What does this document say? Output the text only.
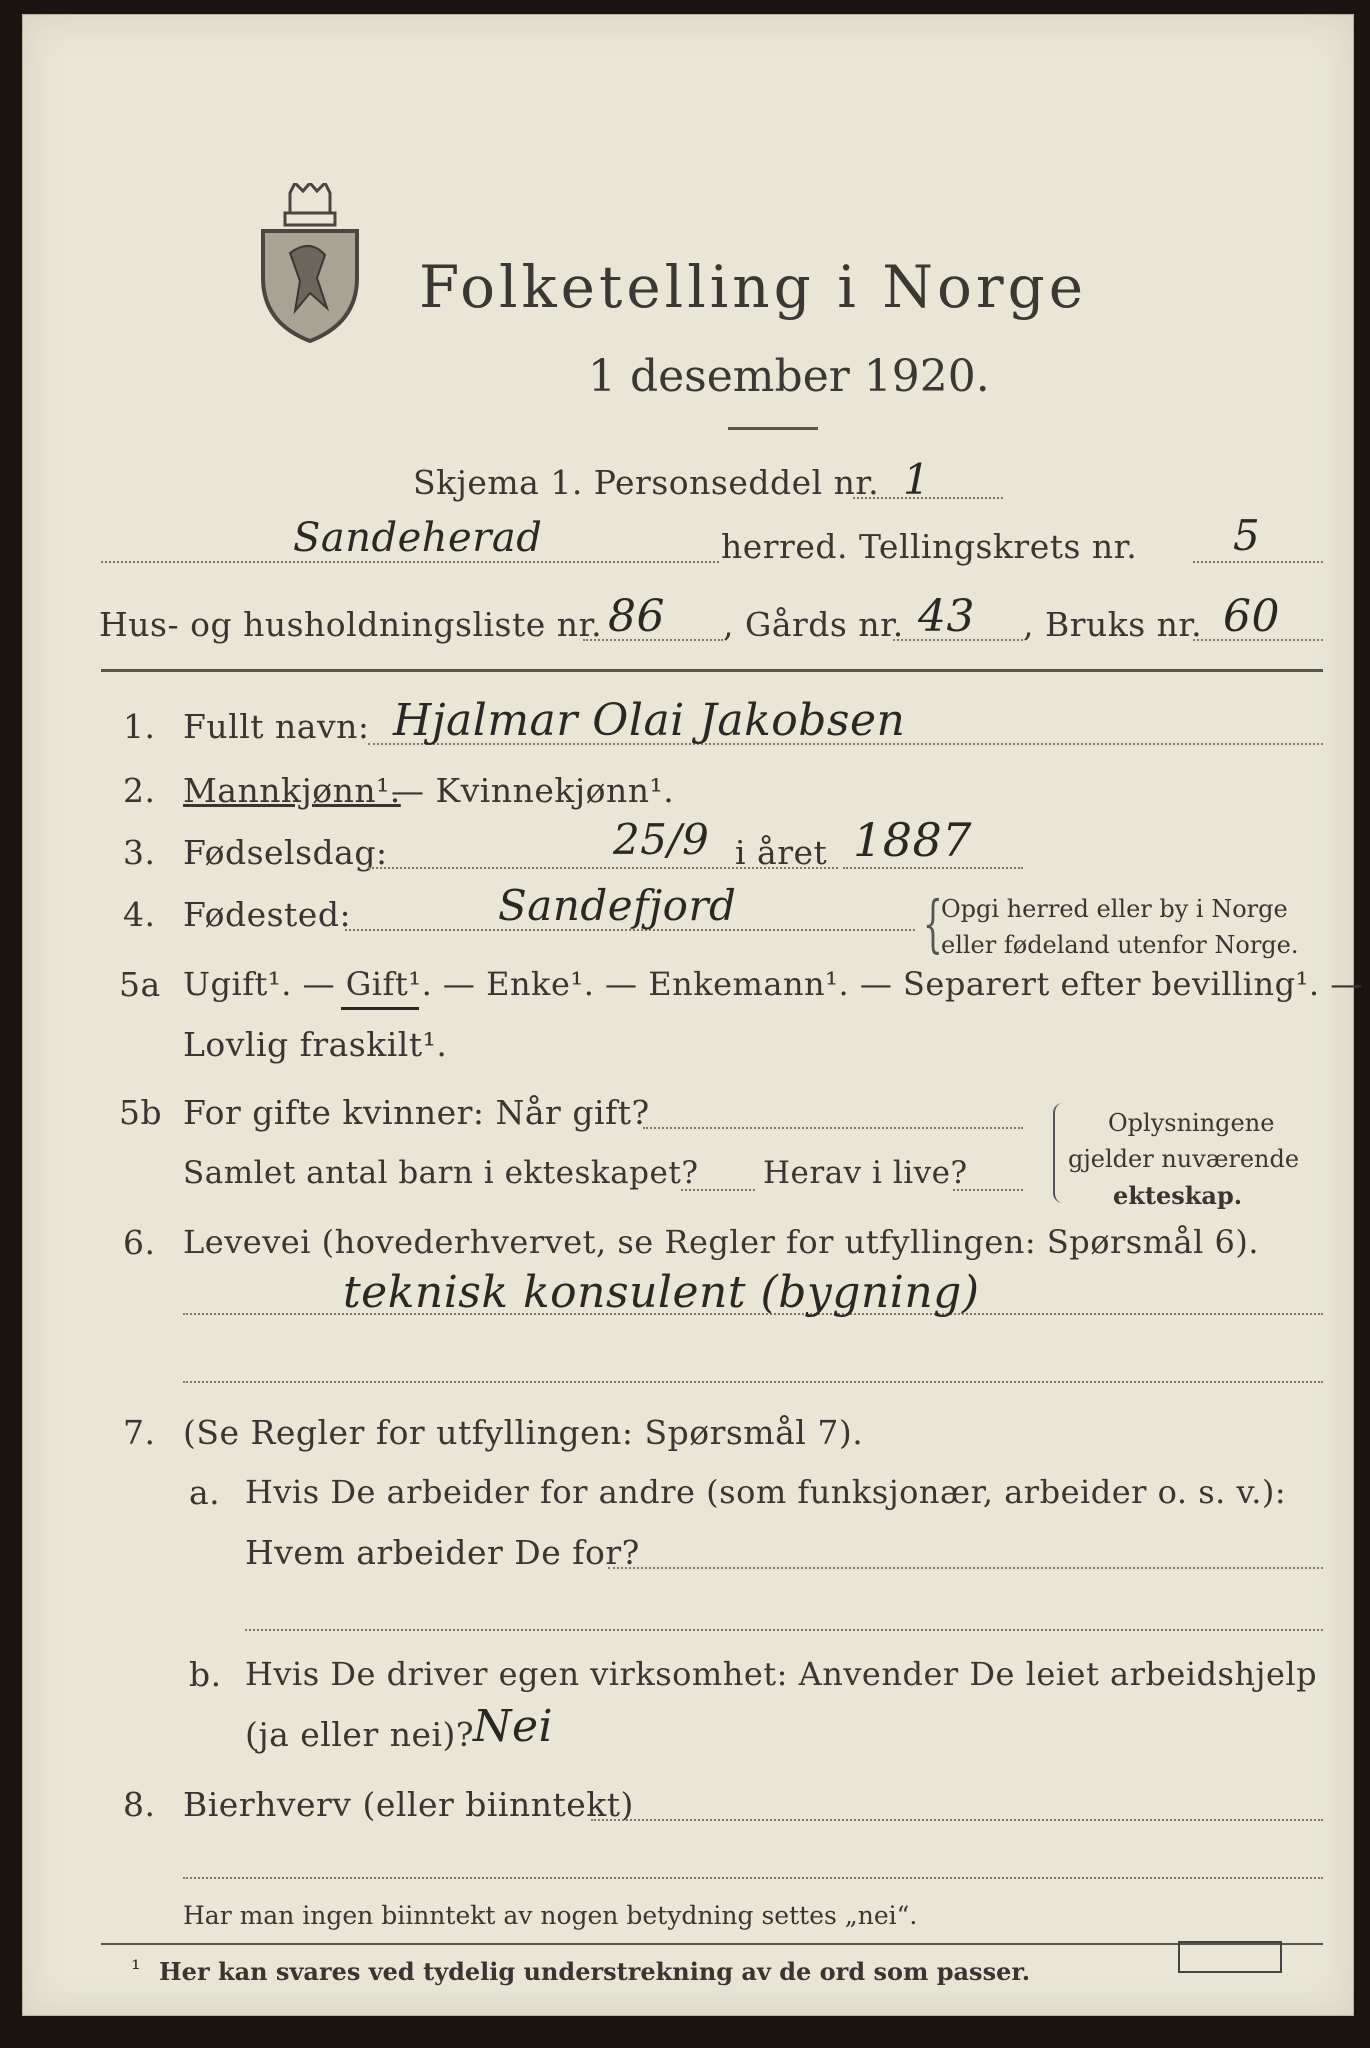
Folketelling i Norge
1 desember 1920.
Skjema 1. Personseddel nr. 1
Sandeherad	herred. Tellingskrets nr. 5
Hus- og husholdningsliste nr. 86 , Gårds nr. 43 , Bruks nr. 60
1. Fullt navn: Hjalmar Olai Jakobsen
2. Mannkjønn¹.
— Kvinnekjønn¹.
3. Fødselsdag:	25/9 i året 1887
4. Fødested:	Sandefjord	{
Opgi herred eller by i Norge
eller fødeland utenfor Norge.
5a Ugift¹. — Gift¹. — Enke¹. — Enkemann¹. — Separert efter bevilling¹. —
Lovlig fraskilt¹.
5b For gifte kvinner: Når gift?
Samlet antal barn i ekteskapet? Herav i live?
Oplysningene
gjelder nuværende
ekteskap.
6. Levevei (hovederhvervet, se Regler for utfyllingen: Spørsmål 6).
teknisk konsulent (bygning)
7. (Se Regler for utfyllingen: Spørsmål 7).
a. Hvis De arbeider for andre (som funksjonær, arbeider o. s. v.):
Hvem arbeider De for?
b. Hvis De driver egen virksomhet: Anvender De leiet arbeidshjelp
(ja eller nei)?
Nei
8. Bierhverv (eller biinntekt)
Har man ingen biinntekt av nogen betydning settes „nei“.
¹ Her kan svares ved tydelig understrekning av de ord som passer.
